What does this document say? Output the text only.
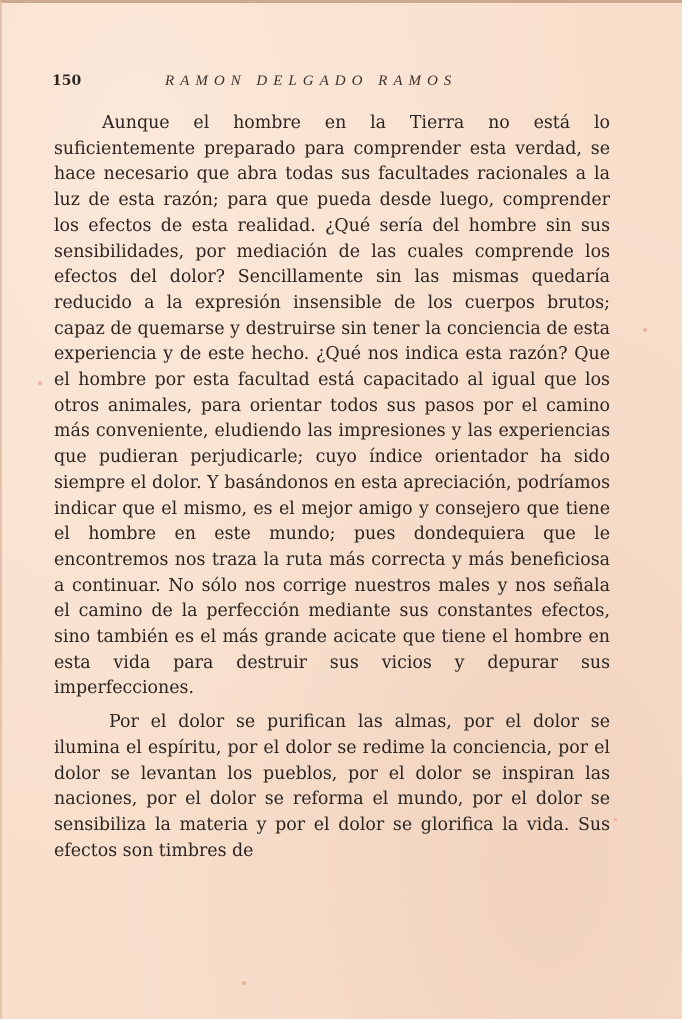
150	RAMON DELGADO RAMOS

Aunque el hombre en la Tierra no está lo suficientemente preparado para comprender esta verdad, se hace necesario que abra todas sus facultades racionales a la luz de esta razón; para que pueda desde luego, comprender los efectos de esta realidad. ¿Qué sería del hombre sin sus sensibilidades, por mediación de las cuales comprende los efectos del dolor? Sencillamente sin las mismas quedaría reducido a la expresión insensible de los cuerpos brutos; capaz de quemarse y destruirse sin tener la conciencia de esta experiencia y de este hecho. ¿Qué nos indica esta razón? Que el hombre por esta facultad está capacitado al igual que los otros animales, para orientar todos sus pasos por el camino más conveniente, eludiendo las impresiones y las experiencias que pudieran perjudicarle; cuyo índice orientador ha sido siempre el dolor. Y basándonos en esta apreciación, podríamos indicar que el mismo, es el mejor amigo y consejero que tiene el hombre en este mundo; pues dondequiera que le encontremos nos traza la ruta más correcta y más beneficiosa a continuar. No sólo nos corrige nuestros males y nos señala el camino de la perfección mediante sus constantes efectos, sino también es el más grande acicate que tiene el hombre en esta vida para destruir sus vicios y depurar sus imperfecciones.

Por el dolor se purifican las almas, por el dolor se ilumina el espíritu, por el dolor se redime la conciencia, por el dolor se levantan los pueblos, por el dolor se inspiran las naciones, por el dolor se reforma el mundo, por el dolor se sensibiliza la materia y por el dolor se glorifica la vida. Sus efectos son timbres de
